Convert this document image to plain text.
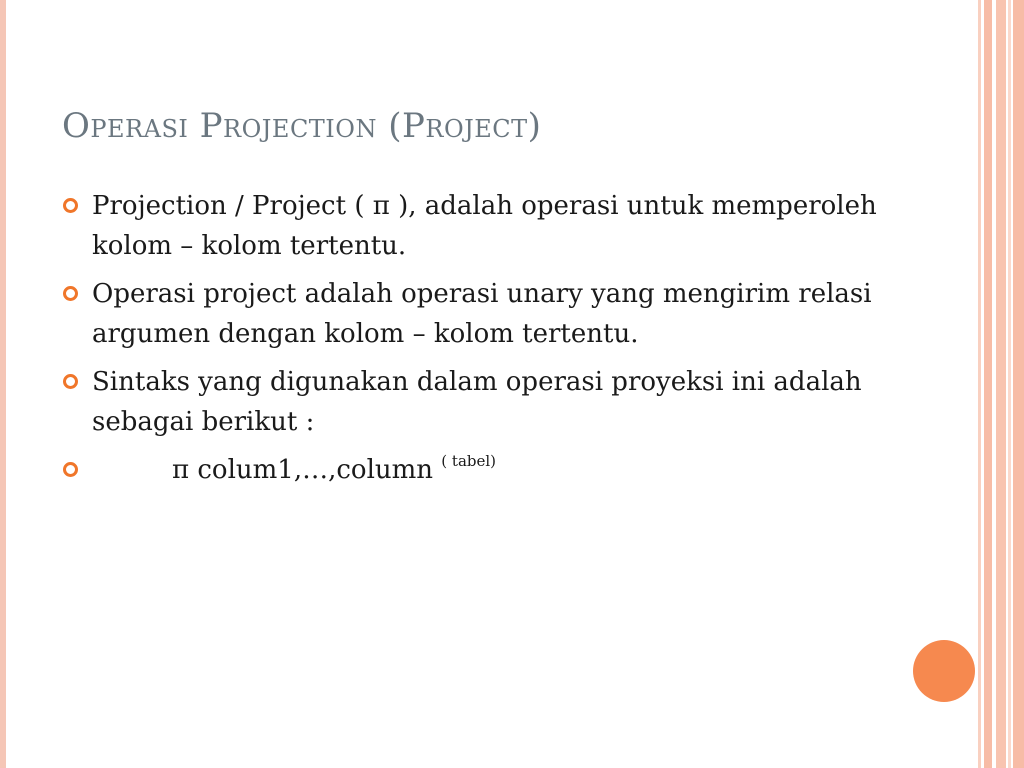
Operasi Projection (Project)
Projection / Project ( π ), adalah operasi untuk memperoleh kolom – kolom tertentu.
Operasi project adalah operasi unary yang mengirim relasi argumen dengan kolom – kolom tertentu.
Sintaks yang digunakan dalam operasi proyeksi ini adalah sebagai berikut :
π colum1,…,column $^{( tabel)}$
